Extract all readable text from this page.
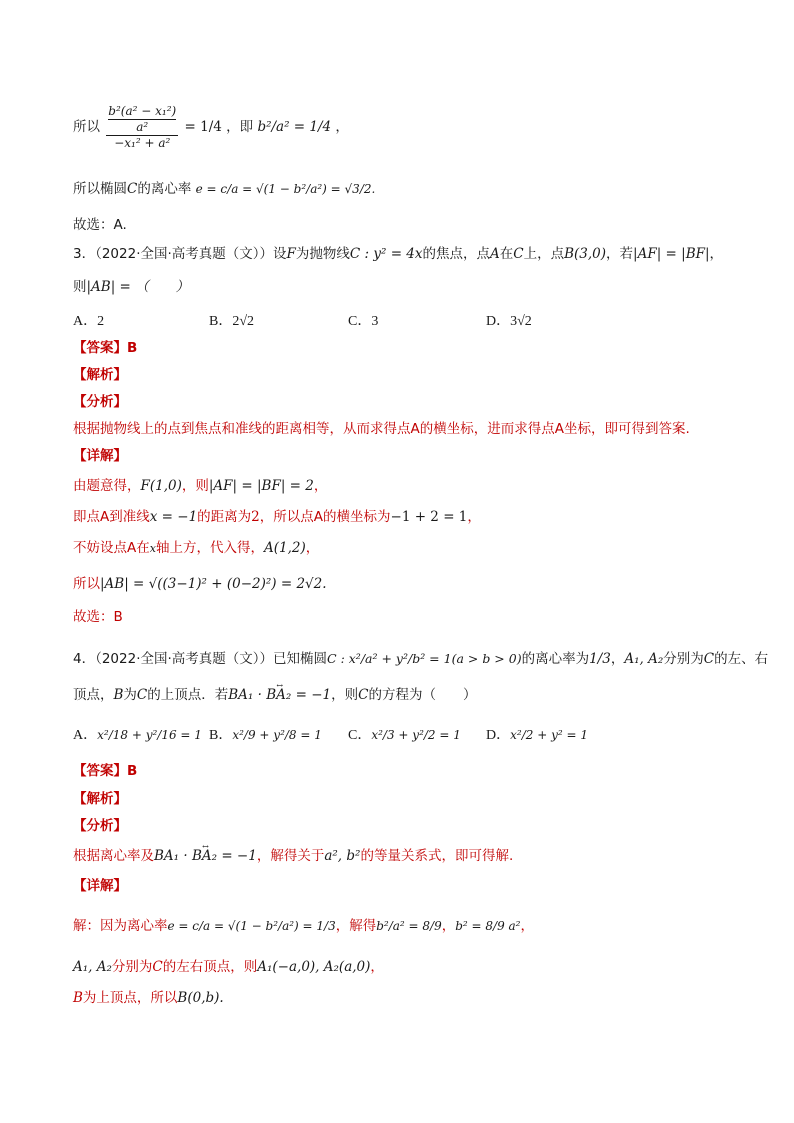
所以 b²(a² − x₁²)
a²
−x₁² + a² = 1/4 ，即 b²/a² = 1/4 ，
所以椭圆C的离心率 e = c/a = √(1 − b²/a²) = √3/2.
故选：A.
3．（2022·全国·高考真题（文））设F为抛物线C : y² = 4x的焦点，点A在C上，点B(3,0)，若|AF| = |BF|，
则|AB| = （　　）
A．2	B．2√2	C．3	D．3√2
【答案】B
【解析】
【分析】
根据抛物线上的点到焦点和准线的距离相等，从而求得点A的横坐标，进而求得点A坐标，即可得到答案.
【详解】
由题意得，F(1,0)，则|AF| = |BF| = 2，
即点A到准线x = −1的距离为2，所以点A的横坐标为−1 + 2 = 1，
不妨设点A在x轴上方，代入得，A(1,2)，
所以|AB| = √((3−1)² + (0−2)²) = 2√2.
故选：B
4．（2022·全国·高考真题（文））已知椭圆C : x²/a² + y²/b² = 1(a > b > 0)的离心率为1/3，A₁, A₂分别为C的左、右
顶点，B为C的上顶点．若↔ BA₁ · BA₂ = −1，则C的方程为（　　）
A．x²/18 + y²/16 = 1 B．x²/9 + y²/8 = 1 C．x²/3 + y²/2 = 1 D．x²/2 + y² = 1
【答案】B
【解析】
【分析】
根据离心率及↔ BA₁ · BA₂ = −1，解得关于a², b²的等量关系式，即可得解.
【详解】
解：因为离心率e = c/a = √(1 − b²/a²) = 1/3，解得b²/a² = 8/9，b² = 8/9 a²，
A₁, A₂分别为C的左右顶点，则A₁(−a,0), A₂(a,0)，
B为上顶点，所以B(0,b).
